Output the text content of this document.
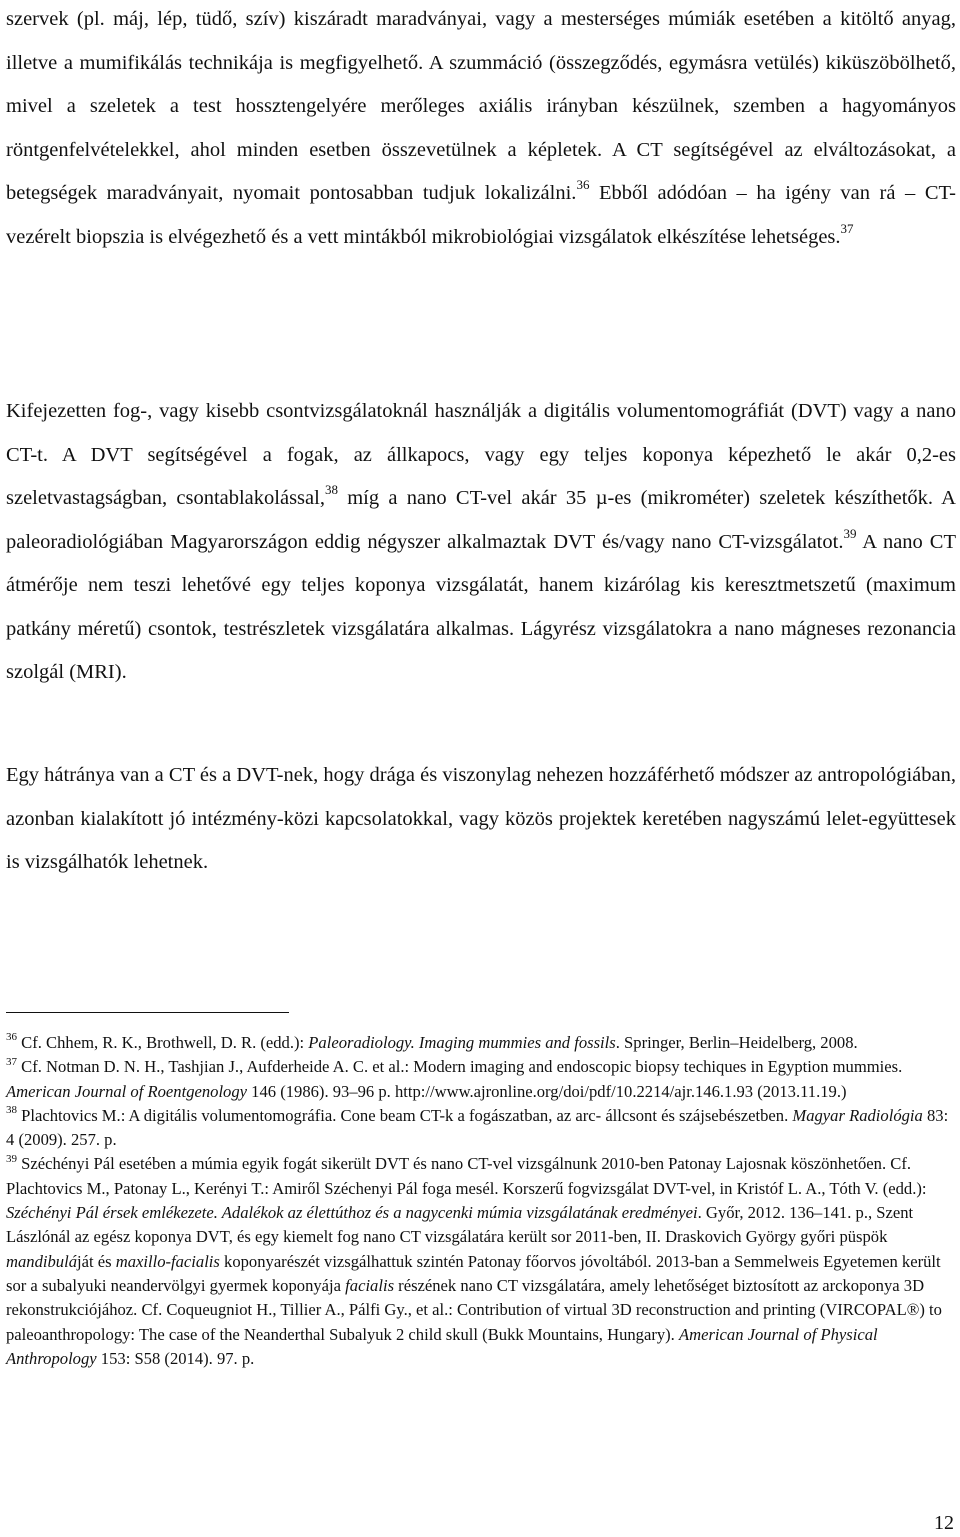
szervek (pl. máj, lép, tüdő, szív) kiszáradt maradványai, vagy a mesterséges múmiák esetében a kitöltő anyag, illetve a mumifikálás technikája is megfigyelhető. A szummáció (összegződés, egymásra vetülés) kiküszöbölhető, mivel a szeletek a test hossztengelyére merőleges axiális irányban készülnek, szemben a hagyományos röntgenfelvételekkel, ahol minden esetben összevetülnek a képletek. A CT segítségével az elváltozásokat, a betegségek maradványait, nyomait pontosabban tudjuk lokalizálni.$^{36}$ Ebből adódóan – ha igény van rá – CT-vezérelt biopszia is elvégezhető és a vett mintákból mikrobiológiai vizsgálatok elkészítése lehetséges.$^{37}$

Kifejezetten fog-, vagy kisebb csontvizsgálatoknál használják a digitális volumentomográfiát (DVT) vagy a nano CT-t. A DVT segítségével a fogak, az állkapocs, vagy egy teljes koponya képezhető le akár 0,2-es szeletvastagságban, csontablakolással,$^{38}$ míg a nano CT-vel akár 35 µ-es (mikrométer) szeletek készíthetők. A paleoradiológiában Magyarországon eddig négyszer alkalmaztak DVT és/vagy nano CT-vizsgálatot.$^{39}$ A nano CT átmérője nem teszi lehetővé egy teljes koponya vizsgálatát, hanem kizárólag kis keresztmetszetű (maximum patkány méretű) csontok, testrészletek vizsgálatára alkalmas. Lágyrész vizsgálatokra a nano mágneses rezonancia szolgál (MRI).

Egy hátránya van a CT és a DVT-nek, hogy drága és viszonylag nehezen hozzáférhető módszer az antropológiában, azonban kialakított jó intézmény-közi kapcsolatokkal, vagy közös projektek keretében nagyszámú lelet-együttesek is vizsgálhatók lehetnek.

$^{36}$ Cf. Chhem, R. K., Brothwell, D. R. (edd.): Paleoradiology. Imaging mummies and fossils. Springer, Berlin–Heidelberg, 2008.

$^{37}$ Cf. Notman D. N. H., Tashjian J., Aufderheide A. C. et al.: Modern imaging and endoscopic biopsy techiques in Egyption mummies. American Journal of Roentgenology 146 (1986). 93–96 p. http://www.ajronline.org/doi/pdf/10.2214/ajr.146.1.93 (2013.11.19.)

$^{38}$ Plachtovics M.: A digitális volumentomográfia. Cone beam CT-k a fogászatban, az arc- állcsont és szájsebészetben. Magyar Radiológia 83: 4 (2009). 257. p.

$^{39}$ Széchényi Pál esetében a múmia egyik fogát sikerült DVT és nano CT-vel vizsgálnunk 2010-ben Patonay Lajosnak köszönhetően. Cf. Plachtovics M., Patonay L., Kerényi T.: Amiről Széchenyi Pál foga mesél. Korszerű fogvizsgálat DVT-vel, in Kristóf L. A., Tóth V. (edd.): Széchényi Pál érsek emlékezete. Adalékok az élettúthoz és a nagycenki múmia vizsgálatának eredményei. Győr, 2012. 136–141. p., Szent Lászlónál az egész koponya DVT, és egy kiemelt fog nano CT vizsgálatára került sor 2011-ben, II. Draskovich György győri püspök mandibuláját és maxillo-facialis koponyarészét vizsgálhattuk szintén Patonay főorvos jóvoltából. 2013-ban a Semmelweis Egyetemen került sor a subalyuki neandervölgyi gyermek koponyája facialis részének nano CT vizsgálatára, amely lehetőséget biztosított az arckoponya 3D rekonstrukciójához. Cf. Coqueugniot H., Tillier A., Pálfi Gy., et al.: Contribution of virtual 3D reconstruction and printing (VIRCOPAL®) to paleoanthropology: The case of the Neanderthal Subalyuk 2 child skull (Bukk Mountains, Hungary). American Journal of Physical Anthropology 153: S58 (2014). 97. p.

12
